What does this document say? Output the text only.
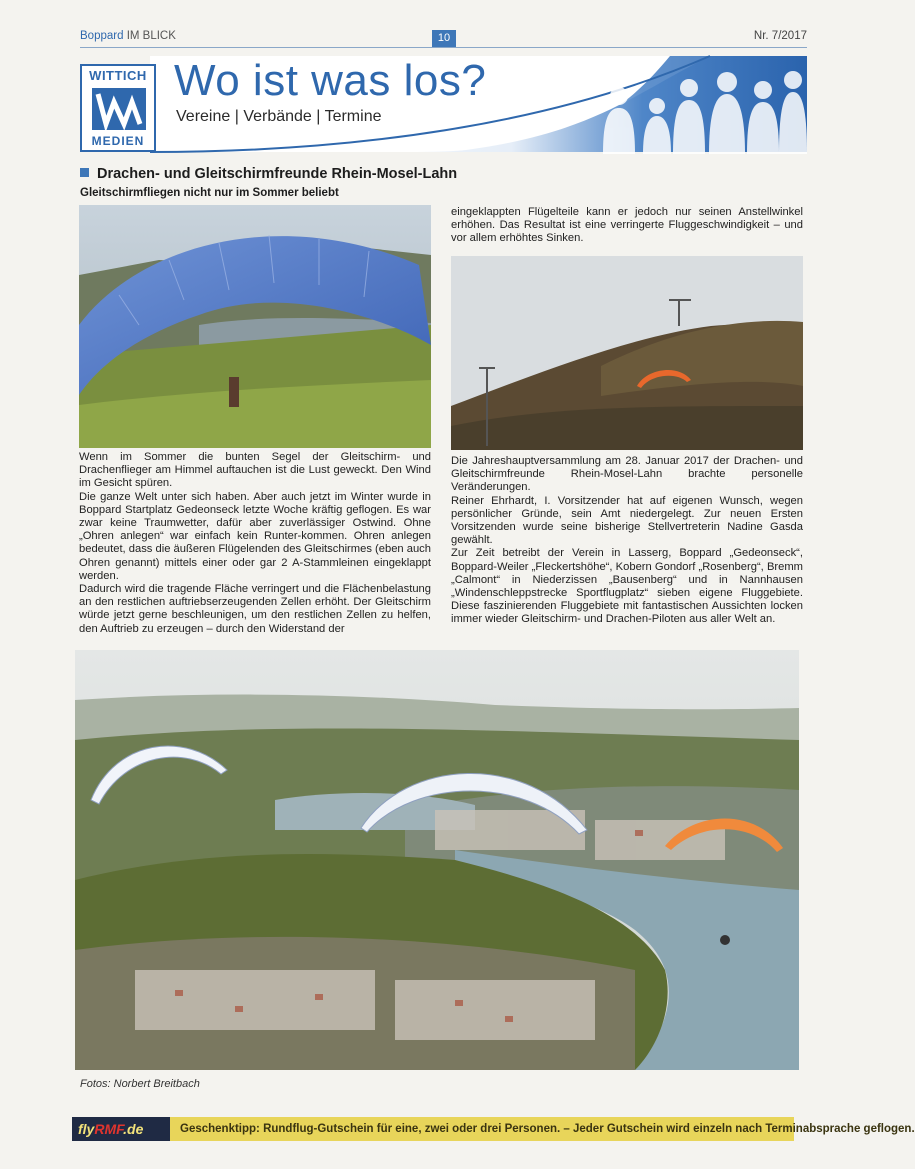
Boppard IM BLICK	10	Nr. 7/2017
WITTICH
MEDIEN
Wo ist was los?
Vereine | Verbände | Termine
Drachen- und Gleitschirmfreunde Rhein-Mosel-Lahn
Gleitschirmfliegen nicht nur im Sommer beliebt

Wenn im Sommer die bunten Segel der Gleitschirm- und Drachenflieger am Himmel auftauchen ist die Lust geweckt. Den Wind im Gesicht spüren.

Die ganze Welt unter sich haben. Aber auch jetzt im Winter wurde in Boppard Startplatz Gedeonseck letzte Woche kräftig geflogen. Es war zwar keine Traumwetter, dafür aber zuverlässiger Ostwind. Ohne „Ohren anlegen“ war einfach kein Runter-kommen. Ohren anlegen bedeutet, dass die äußeren Flügelenden des Gleitschirmes (eben auch Ohren genannt) mittels einer oder gar 2 A-Stammleinen eingeklappt werden.

Dadurch wird die tragende Fläche verringert und die Flächenbelastung an den restlichen auftriebserzeugenden Zellen erhöht. Der Gleitschirm würde jetzt gerne beschleunigen, um den restlichen Zellen zu helfen, den Auftrieb zu erzeugen – durch den Widerstand der

eingeklappten Flügelteile kann er jedoch nur seinen Anstellwinkel erhöhen. Das Resultat ist eine verringerte Fluggeschwindigkeit – und vor allem erhöhtes Sinken.

Die Jahreshauptversammlung am 28. Januar 2017 der Drachen- und Gleitschirmfreunde Rhein-Mosel-Lahn brachte personelle Veränderungen.

Reiner Ehrhardt, I. Vorsitzender hat auf eigenen Wunsch, wegen persönlicher Gründe, sein Amt niedergelegt. Zur neuen Ersten Vorsitzenden wurde seine bisherige Stellvertreterin Nadine Gasda gewählt.

Zur Zeit betreibt der Verein in Lasserg, Boppard „Gedeonseck“, Boppard-Weiler „Fleckertshöhe“, Kobern Gondorf „Rosenberg“, Bremm „Calmont“ in Niederzissen „Bausenberg“ und in Nannhausen „Windenschleppstrecke Sportflugplatz“ sieben eigene Fluggebiete. Diese faszinierenden Fluggebiete mit fantastischen Aussichten locken immer wieder Gleitschirm- und Drachen-Piloten aus aller Welt an.

Fotos: Norbert Breitbach
flyRMF.de	Geschenktipp: Rundflug-Gutschein für eine, zwei oder drei Personen. – Jeder Gutschein wird einzeln nach Terminabsprache geflogen.
